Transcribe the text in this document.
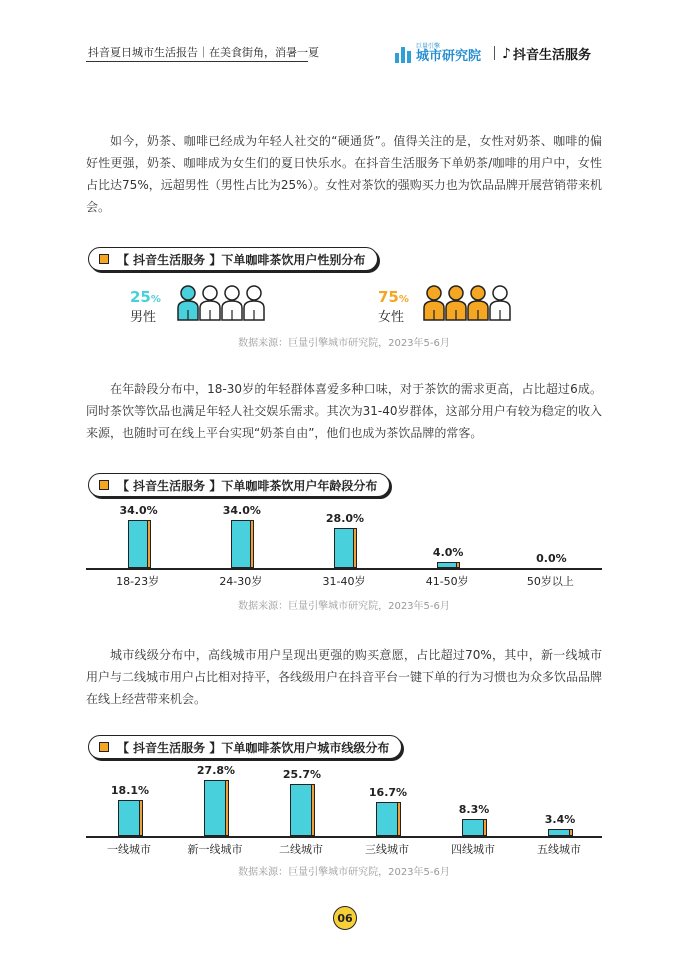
抖音夏日城市生活报告｜在美食街角，消暑一夏	巨量引擎
城市研究院 ♪ 抖音生活服务
如今，奶茶、咖啡已经成为年轻人社交的“硬通货”。值得关注的是，女性对奶茶、咖啡的偏好性更强，奶茶、咖啡成为女生们的夏日快乐水。在抖音生活服务下单奶茶/咖啡的用户中，女性占比达75%，远超男性（男性占比为25%）。女性对茶饮的强购买力也为饮品品牌开展营销带来机会。
【 抖音生活服务 】下单咖啡茶饮用户性别分布
25%
男性
75%
女性
数据来源：巨量引擎城市研究院，2023年5-6月
在年龄段分布中，18-30岁的年轻群体喜爱多种口味，对于茶饮的需求更高，占比超过6成。同时茶饮等饮品也满足年轻人社交娱乐需求。其次为31-40岁群体，这部分用户有较为稳定的收入来源，也随时可在线上平台实现“奶茶自由”，他们也成为茶饮品牌的常客。
【 抖音生活服务 】下单咖啡茶饮用户年龄段分布
34.0%
18-23岁
34.0%
24-30岁
28.0%
31-40岁
4.0%
41-50岁
0.0%
50岁以上
数据来源：巨量引擎城市研究院，2023年5-6月
城市线级分布中，高线城市用户呈现出更强的购买意愿，占比超过70%，其中，新一线城市用户与二线城市用户占比相对持平，各线级用户在抖音平台一键下单的行为习惯也为众多饮品品牌在线上经营带来机会。
【 抖音生活服务 】下单咖啡茶饮用户城市线级分布
18.1%
一线城市
27.8%
新一线城市
25.7%
二线城市
16.7%
三线城市
8.3%
四线城市
3.4%
五线城市
数据来源：巨量引擎城市研究院，2023年5-6月
06
